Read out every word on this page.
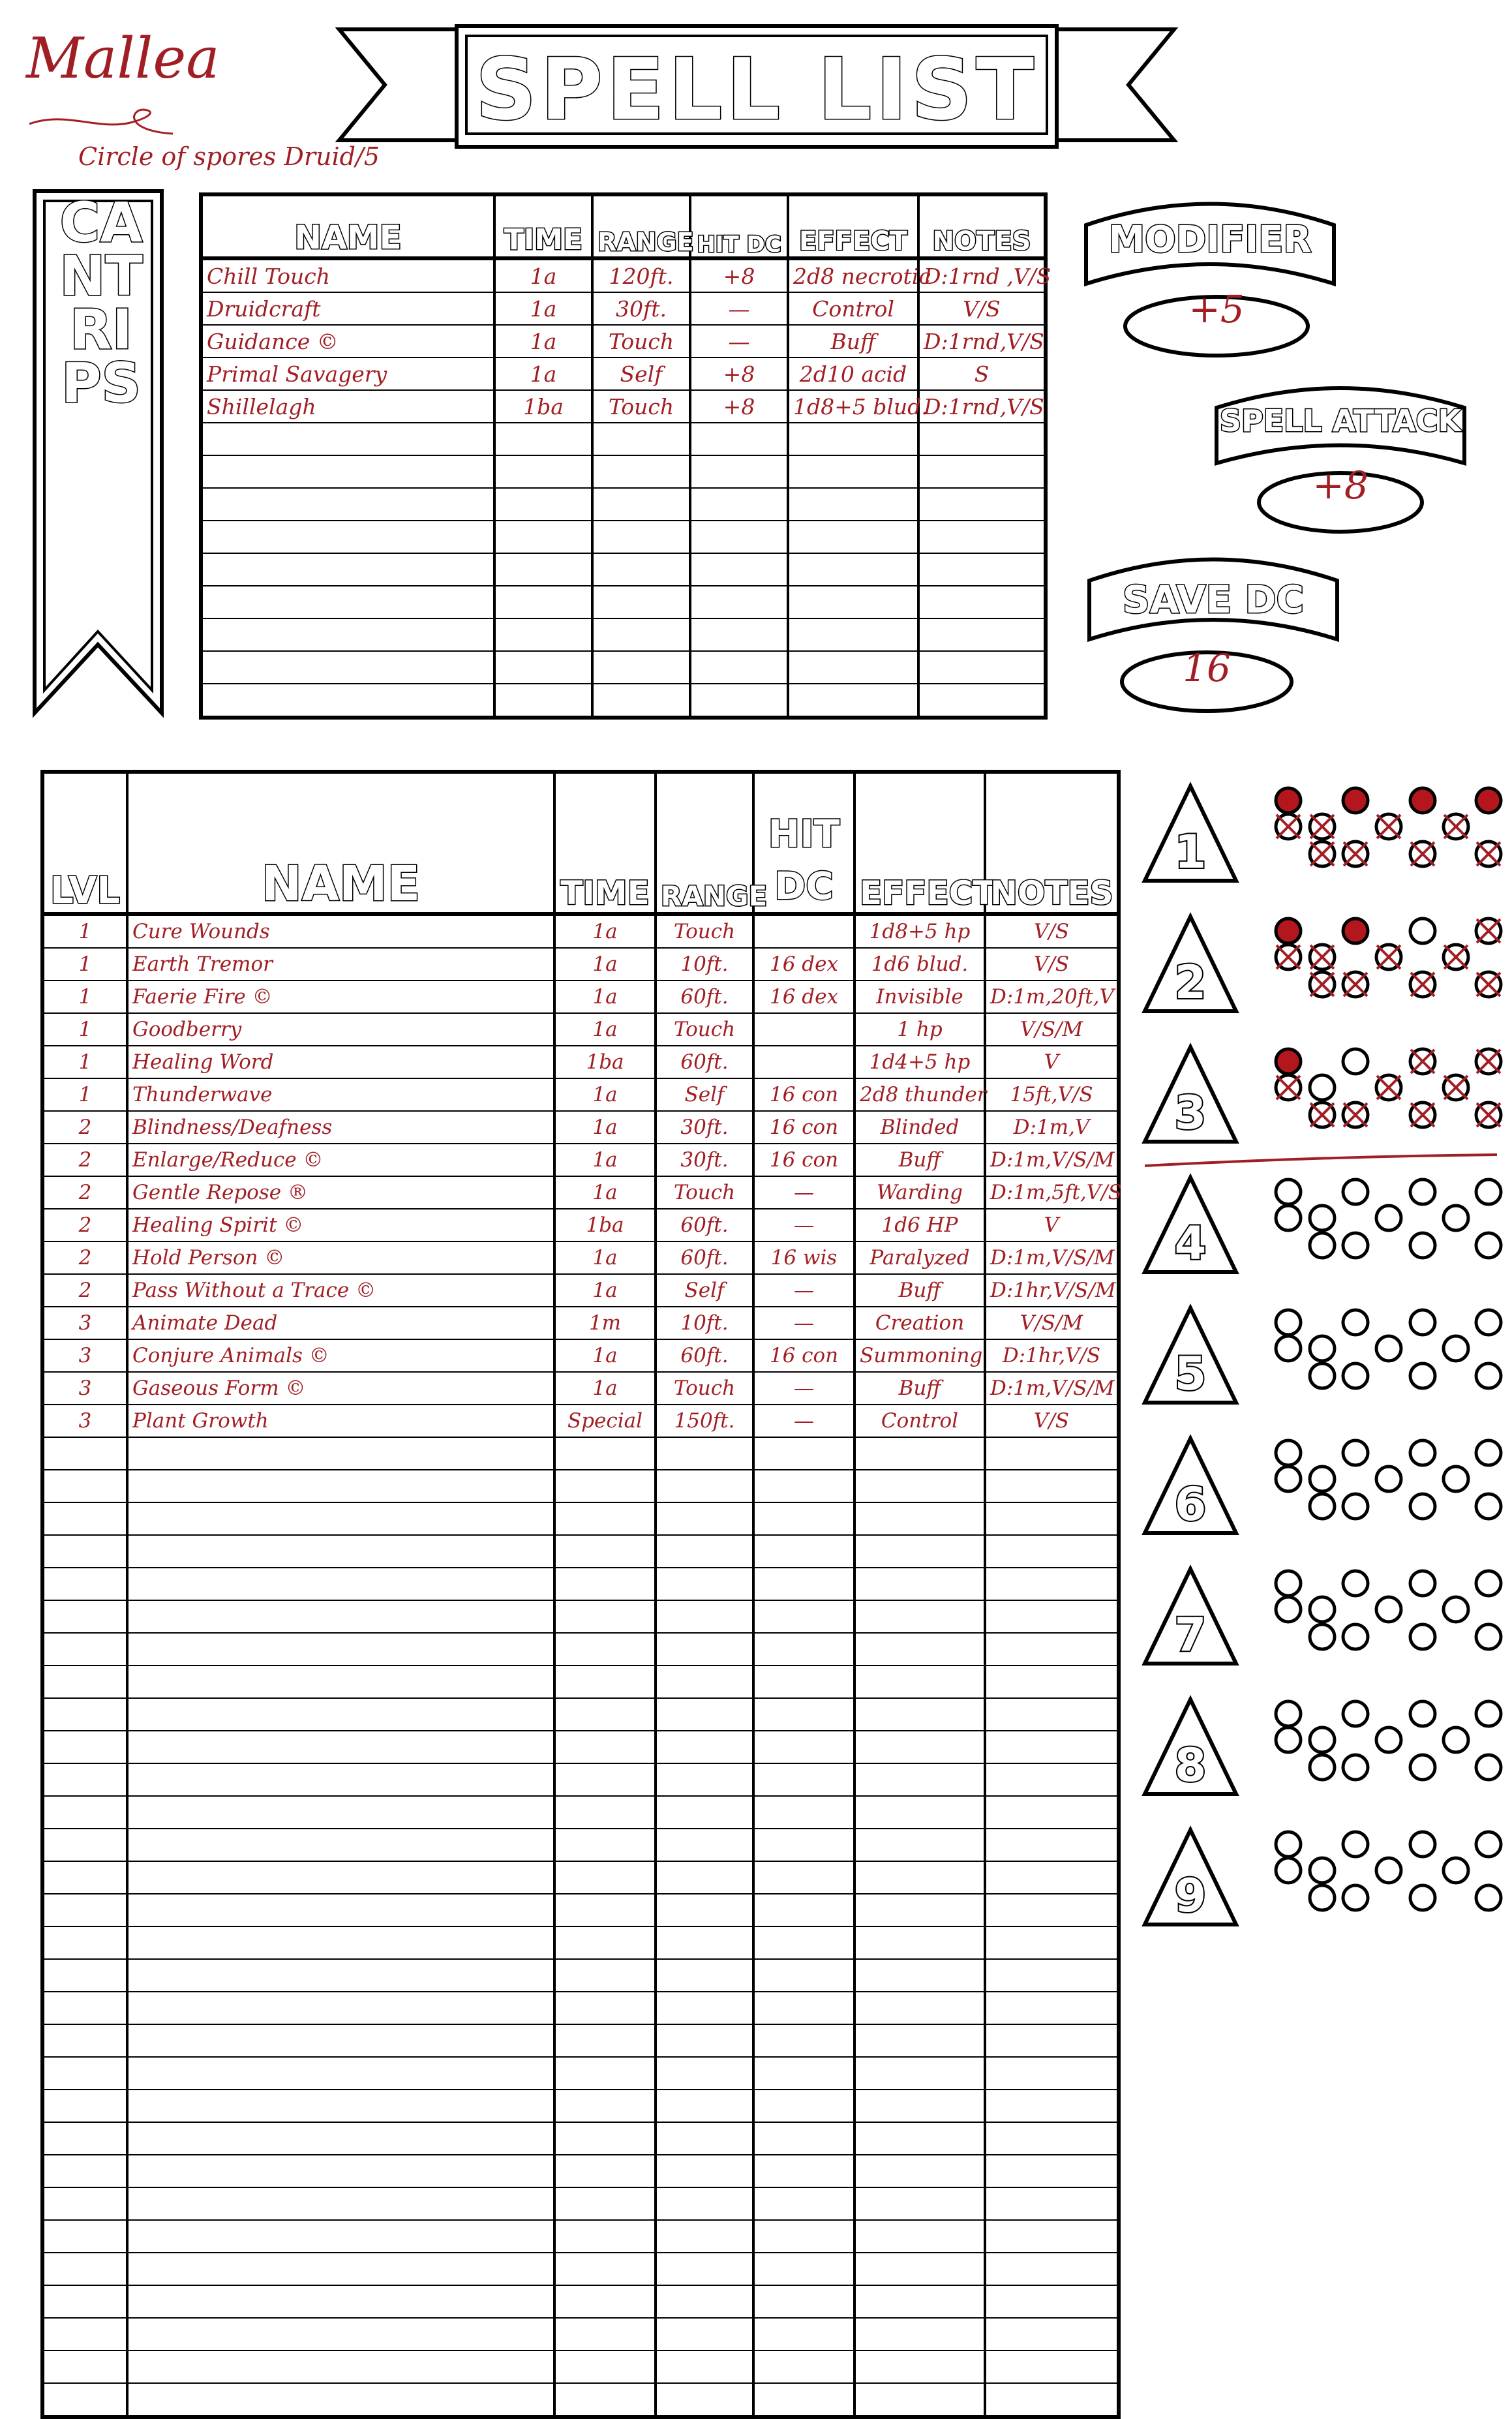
Mallea
Circle of spores Druid/5
SPELL LIST
CANTRIPS
NAME	TIME	RANGE	HIT DC	EFFECT	NOTES
Chill Touch	1a	120ft.	+8	2d8 necrotic	D:1rnd ,V/S
Druidcraft	1a	30ft.	—	Control	V/S
Guidance ©	1a	Touch	—	Buff	D:1rnd,V/S
Primal Savagery	1a	Self	+8	2d10 acid	S
Shillelagh	1ba	Touch	+8	1d8+5 blud.	D:1rnd,V/S

MODIFIER
+5
SPELL ATTACK
+8
SAVE DC
16
LVL	NAME	TIME	RANGE	HIT DC	EFFECT	NOTES
1	Cure Wounds	1a	Touch		1d8+5 hp	V/S
1	Earth Tremor	1a	10ft.	16 dex	1d6 blud.	V/S
1	Faerie Fire ©	1a	60ft.	16 dex	Invisible	D:1m,20ft,V
1	Goodberry	1a	Touch		1 hp	V/S/M
1	Healing Word	1ba	60ft.		1d4+5 hp	V
1	Thunderwave	1a	Self	16 con	2d8 thunder	15ft,V/S
2	Blindness/Deafness	1a	30ft.	16 con	Blinded	D:1m,V
2	Enlarge/Reduce ©	1a	30ft.	16 con	Buff	D:1m,V/S/M
2	Gentle Repose ®	1a	Touch	—	Warding	D:1m,5ft,V/S
2	Healing Spirit ©	1ba	60ft.	—	1d6 HP	V
2	Hold Person ©	1a	60ft.	16 wis	Paralyzed	D:1m,V/S/M
2	Pass Without a Trace ©	1a	Self	—	Buff	D:1hr,V/S/M
3	Animate Dead	1m	10ft.	—	Creation	V/S/M
3	Conjure Animals ©	1a	60ft.	16 con	Summoning	D:1hr,V/S
3	Gaseous Form ©	1a	Touch	—	Buff	D:1m,V/S/M
3	Plant Growth	Special	150ft.	—	Control	V/S

1
2
3
4
5
6
7
8
9
